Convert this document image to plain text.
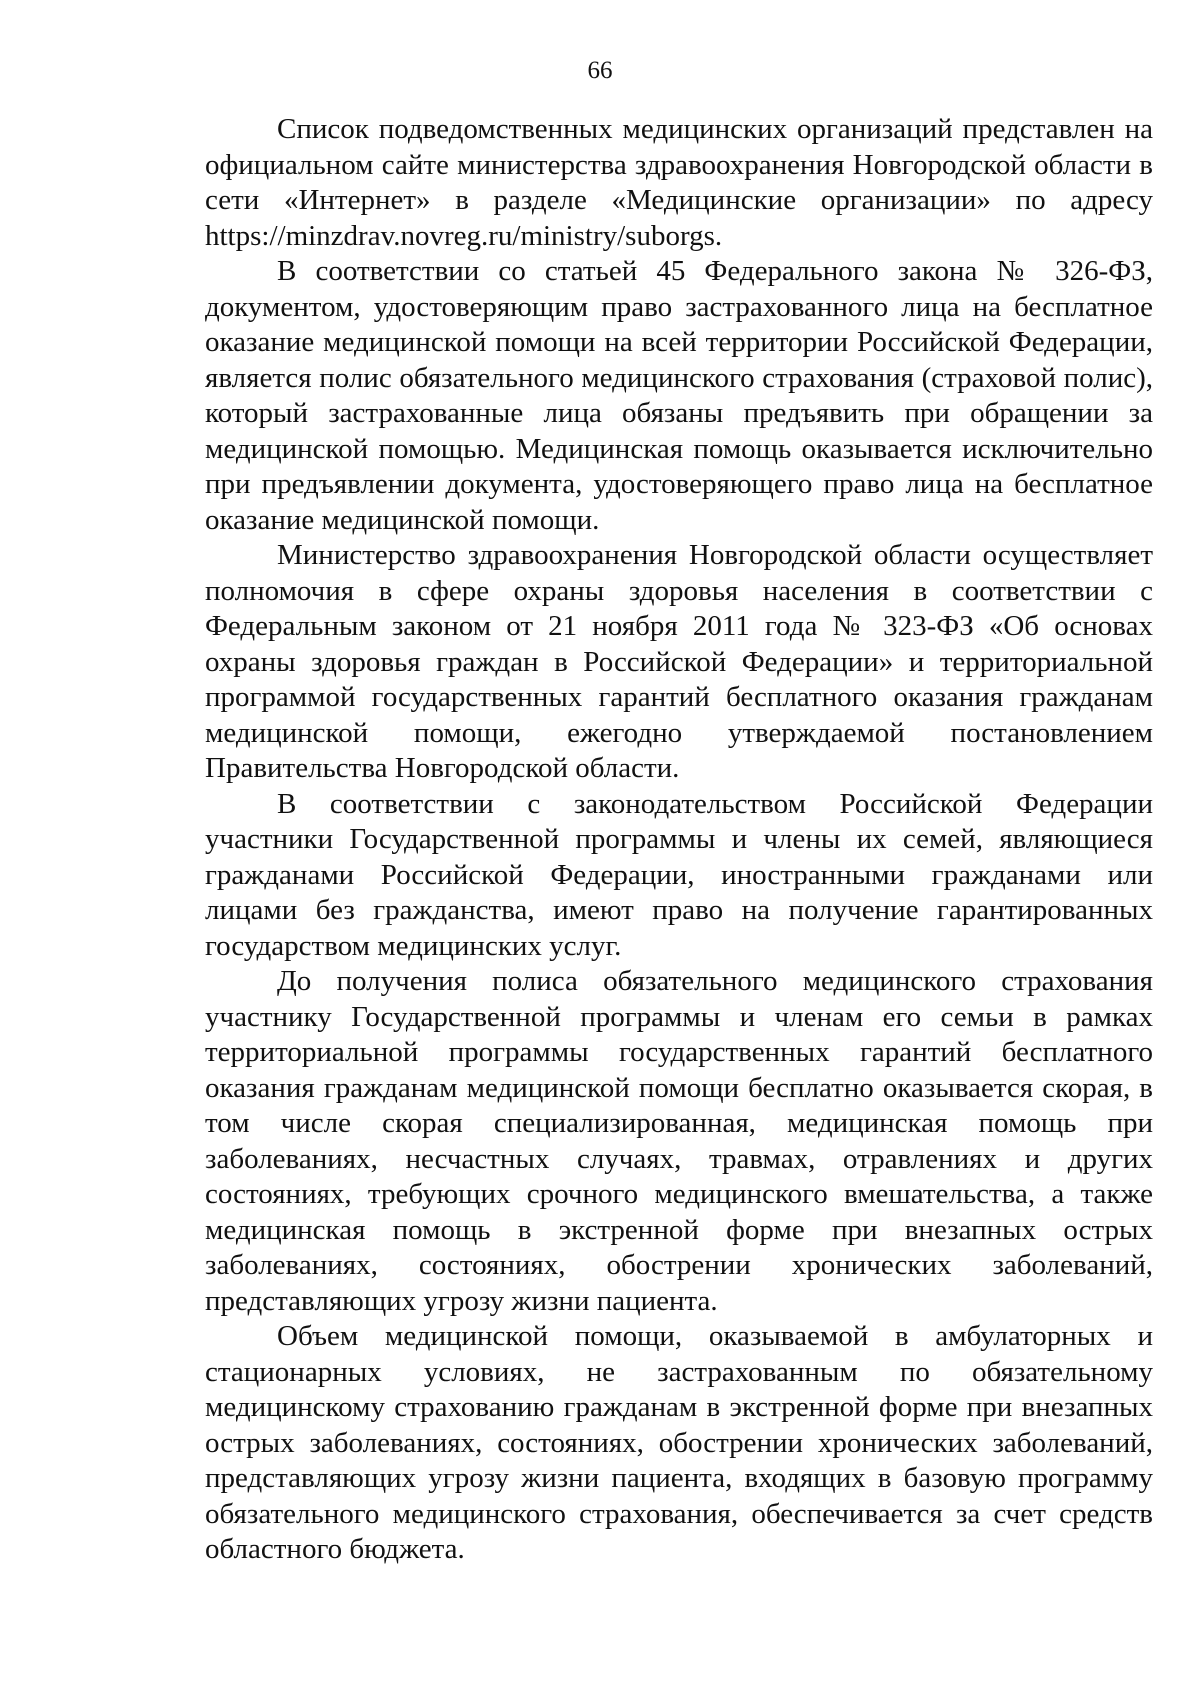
66

Список подведомственных медицинских организаций представлен на официальном сайте министерства здравоохранения Новгородской области в сети «Интернет» в разделе «Медицинские организации» по адресу https://minzdrav.novreg.ru/ministry/suborgs.

В соответствии со статьей 45 Федерального закона № 326-ФЗ, документом, удостоверяющим право застрахованного лица на бесплатное оказание медицинской помощи на всей территории Российской Федерации, является полис обязательного медицинского страхования (страховой полис), который застрахованные лица обязаны предъявить при обращении за медицинской помощью. Медицинская помощь оказывается исключительно при предъявлении документа, удостоверяющего право лица на бесплатное оказание медицинской помощи.

Министерство здравоохранения Новгородской области осуществляет полномочия в сфере охраны здоровья населения в соответствии с Федеральным законом от 21 ноября 2011 года № 323-ФЗ «Об основах охраны здоровья граждан в Российской Федерации» и территориальной программой государственных гарантий бесплатного оказания гражданам медицинской помощи, ежегодно утверждаемой постановлением Правительства Новгородской области.

В соответствии с законодательством Российской Федерации участники Государственной программы и члены их семей, являющиеся гражданами Российской Федерации, иностранными гражданами или лицами без гражданства, имеют право на получение гарантированных государством медицинских услуг.

До получения полиса обязательного медицинского страхования участнику Государственной программы и членам его семьи в рамках территориальной программы государственных гарантий бесплатного оказания гражданам медицинской помощи бесплатно оказывается скорая, в том числе скорая специализированная, медицинская помощь при заболеваниях, несчастных случаях, травмах, отравлениях и других состояниях, требующих срочного медицинского вмешательства, а также медицинская помощь в экстренной форме при внезапных острых заболеваниях, состояниях, обострении хронических заболеваний, представляющих угрозу жизни пациента.

Объем медицинской помощи, оказываемой в амбулаторных и стационарных условиях, не застрахованным по обязательному медицинскому страхованию гражданам в экстренной форме при внезапных острых заболеваниях, состояниях, обострении хронических заболеваний, представляющих угрозу жизни пациента, входящих в базовую программу обязательного медицинского страхования, обеспечивается за счет средств областного бюджета.
